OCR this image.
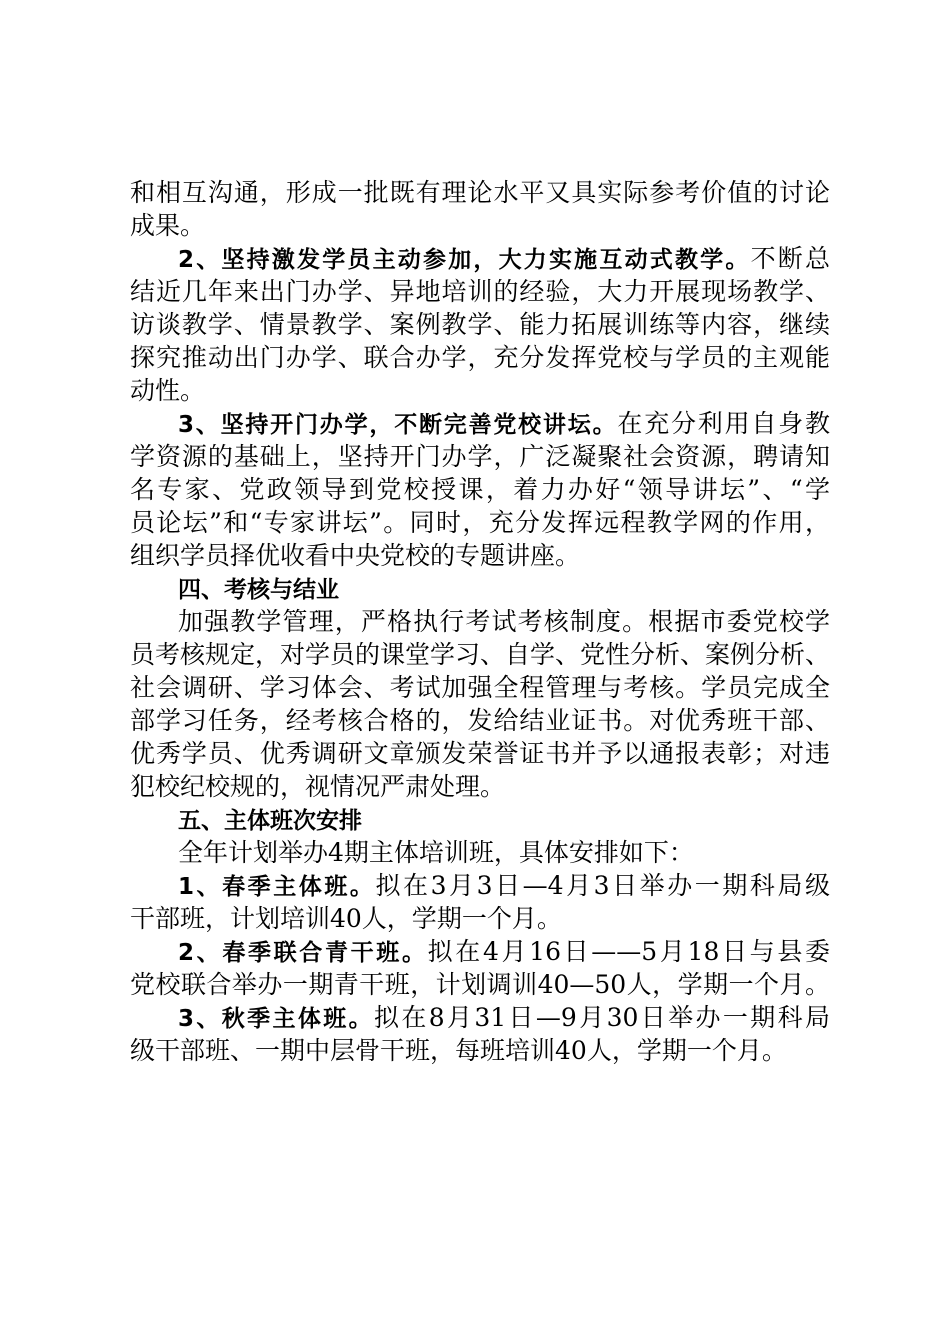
和相互沟通，形成一批既有理论水平又具实际参考价值的讨论

成果。

2、坚持激发学员主动参加，大力实施互动式教学。不断总

结近几年来出门办学、异地培训的经验，大力开展现场教学、

访谈教学、情景教学、案例教学、能力拓展训练等内容，继续

探究推动出门办学、联合办学，充分发挥党校与学员的主观能

动性。

3、坚持开门办学，不断完善党校讲坛。在充分利用自身教

学资源的基础上，坚持开门办学，广泛凝聚社会资源，聘请知

名专家、党政领导到党校授课，着力办好“领导讲坛”、“学

员论坛”和“专家讲坛”。同时，充分发挥远程教学网的作用，

组织学员择优收看中央党校的专题讲座。

四、考核与结业

加强教学管理，严格执行考试考核制度。根据市委党校学

员考核规定，对学员的课堂学习、自学、党性分析、案例分析、

社会调研、学习体会、考试加强全程管理与考核。学员完成全

部学习任务，经考核合格的，发给结业证书。对优秀班干部、

优秀学员、优秀调研文章颁发荣誉证书并予以通报表彰；对违

犯校纪校规的，视情况严肃处理。

五、主体班次安排

全年计划举办4期主体培训班，具体安排如下：

1、春季主体班。拟在3月3日—4月3日举办一期科局级

干部班，计划培训40人，学期一个月。

2、春季联合青干班。拟在4月16日——5月18日与县委

党校联合举办一期青干班，计划调训40—50人，学期一个月。

3、秋季主体班。拟在8月31日—9月30日举办一期科局

级干部班、一期中层骨干班，每班培训40人，学期一个月。
